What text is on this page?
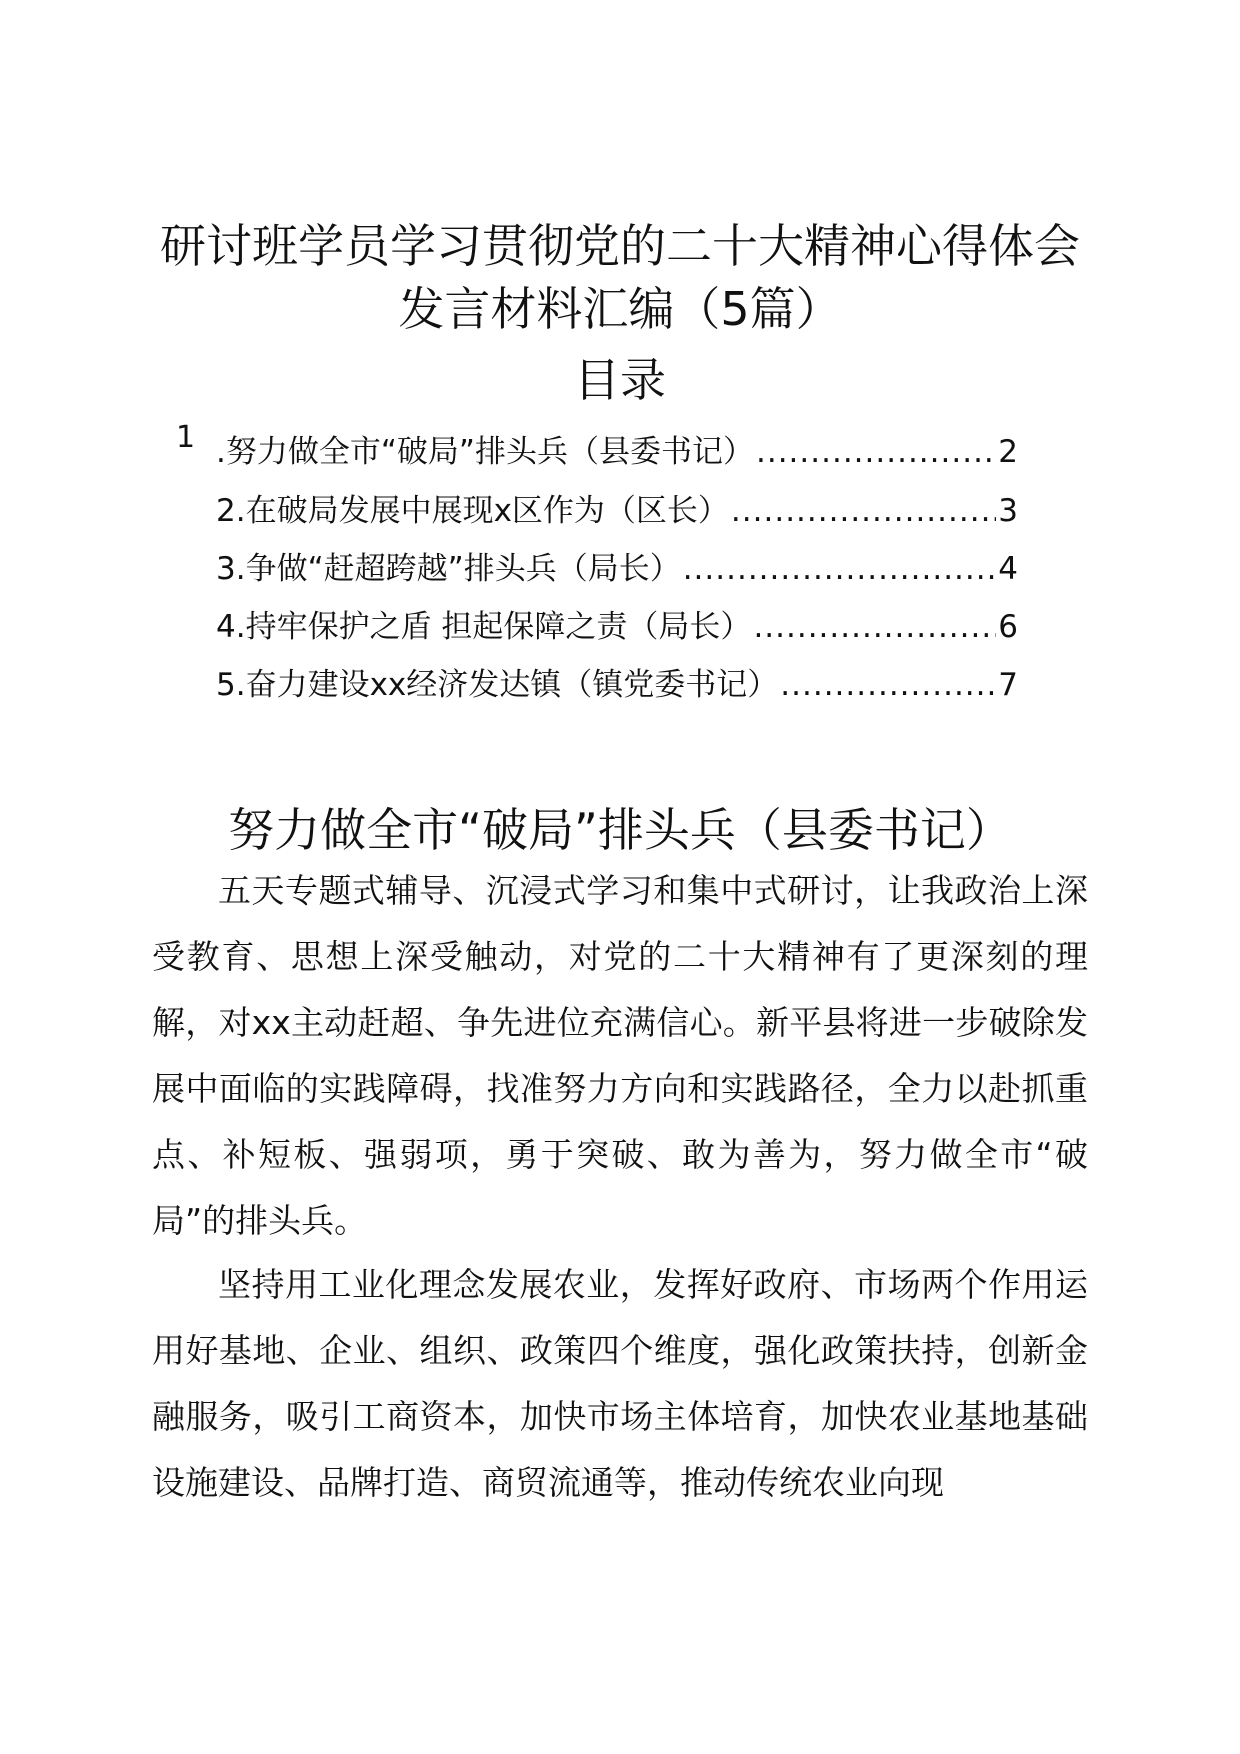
研讨班学员学习贯彻党的二十大精神心得体会
发言材料汇编（5篇）
目录
1 .努力做全市“破局”排头兵（县委书记） .....	2
2.在破局发展中展现x区作为（区长） .....	3
3.争做“赶超跨越”排头兵（局长） .....	4
4.持牢保护之盾 担起保障之责（局长） .....	6
5.奋力建设xx经济发达镇（镇党委书记） .....	7
努力做全市“破局”排头兵（县委书记）

五天专题式辅导、沉浸式学习和集中式研讨，让我政治上深受教育、思想上深受触动，对党的二十大精神有了更深刻的理解，对xx主动赶超、争先进位充满信心。新平县将进一步破除发展中面临的实践障碍，找准努力方向和实践路径，全力以赴抓重点、补短板、强弱项，勇于突破、敢为善为，努力做全市“破局”的排头兵。

坚持用工业化理念发展农业，发挥好政府、市场两个作用运用好基地、企业、组织、政策四个维度，强化政策扶持，创新金融服务，吸引工商资本，加快市场主体培育，加快农业基地基础设施建设、品牌打造、商贸流通等，推动传统农业向现
